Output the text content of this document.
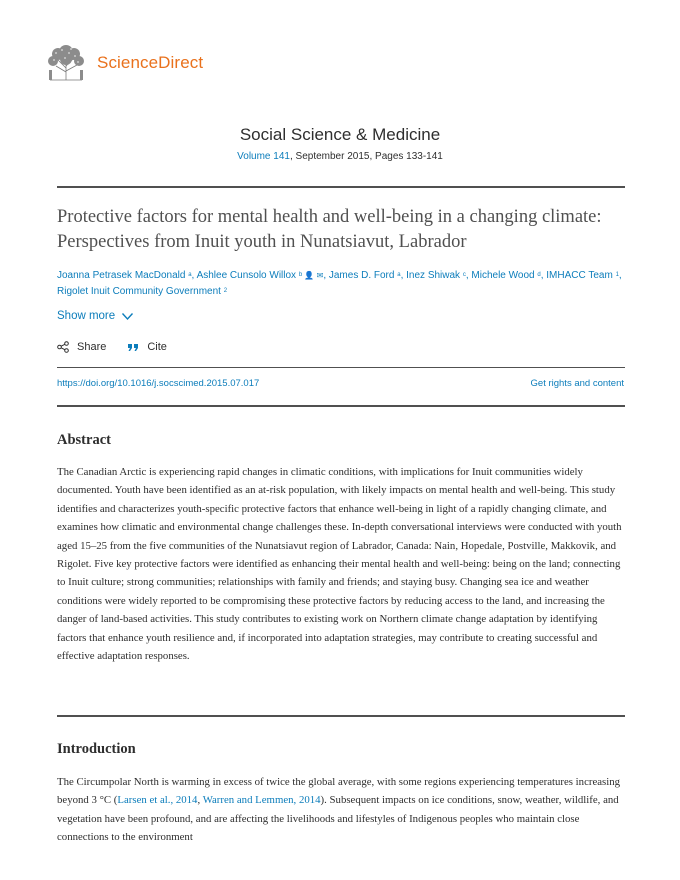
ScienceDirect
Social Science & Medicine
Volume 141, September 2015, Pages 133-141
Protective factors for mental health and well-being in a changing climate: Perspectives from Inuit youth in Nunatsiavut, Labrador
Joanna Petrasek MacDonald $^a$, Ashlee Cunsolo Willox $^b$ 👤 ✉, James D. Ford $^a$, Inez Shiwak $^c$, Michele Wood $^d$, IMHACC Team $^1$, Rigolet Inuit Community Government $^2$
Show more
Share	Cite
https://doi.org/10.1016/j.socscimed.2015.07.017	Get rights and content
Abstract

The Canadian Arctic is experiencing rapid changes in climatic conditions, with implications for Inuit communities widely documented. Youth have been identified as an at-risk population, with likely impacts on mental health and well-being. This study identifies and characterizes youth-specific protective factors that enhance well-being in light of a rapidly changing climate, and examines how climatic and environmental change challenges these. In-depth conversational interviews were conducted with youth aged 15–25 from the five communities of the Nunatsiavut region of Labrador, Canada: Nain, Hopedale, Postville, Makkovik, and Rigolet. Five key protective factors were identified as enhancing their mental health and well-being: being on the land; connecting to Inuit culture; strong communities; relationships with family and friends; and staying busy. Changing sea ice and weather conditions were widely reported to be compromising these protective factors by reducing access to the land, and increasing the danger of land-based activities. This study contributes to existing work on Northern climate change adaptation by identifying factors that enhance youth resilience and, if incorporated into adaptation strategies, may contribute to creating successful and effective adaptation responses.

Introduction

The Circumpolar North is warming in excess of twice the global average, with some regions experiencing temperatures increasing beyond 3 °C (Larsen et al., 2014, Warren and Lemmen, 2014). Subsequent impacts on ice conditions, snow, weather, wildlife, and vegetation have been profound, and are affecting the livelihoods and lifestyles of Indigenous peoples who maintain close connections to the environment
